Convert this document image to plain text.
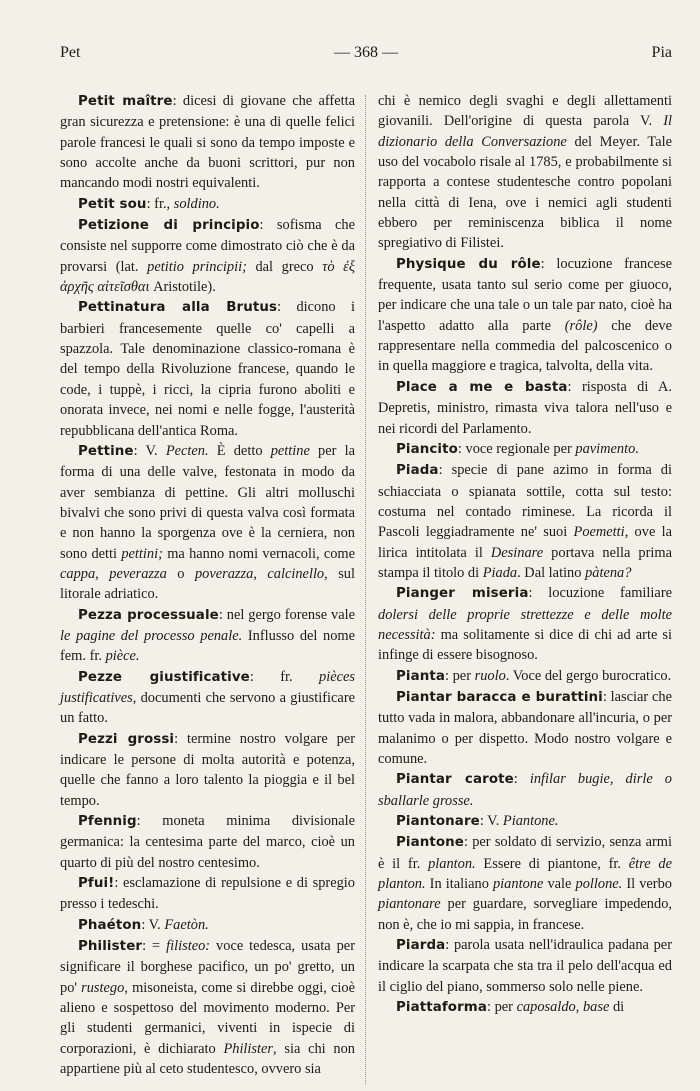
Pet	— 368 —	Pia

Petit maître: dicesi di giovane che affetta gran sicurezza e pretensione: è una di quelle felici parole francesi le quali si sono da tempo imposte e sono accolte anche da buoni scrittori, pur non mancando modi nostri equivalenti.

Petit sou: fr., soldino.

Petizione di principio: sofisma che consiste nel supporre come dimostrato ciò che è da provarsi (lat. petitio principii; dal greco τὸ ἐξ ἀρχῆς αἰτεῖσθαι Aristotile).

Pettinatura alla Brutus: dicono i barbieri francesemente quelle co' capelli a spazzola. Tale denominazione classico-romana è del tempo della Rivoluzione francese, quando le code, i tuppè, i ricci, la cipria furono aboliti e onorata invece, nei nomi e nelle fogge, l'austerità repubblicana dell'antica Roma.

Pettine: V. Pecten. È detto pettine per la forma di una delle valve, festonata in modo da aver sembianza di pettine. Gli altri molluschi bivalvi che sono privi di questa valva così formata e non hanno la sporgenza ove è la cerniera, non sono detti pettini; ma hanno nomi vernacoli, come cappa, peverazza o poverazza, calcinello, sul litorale adriatico.

Pezza processuale: nel gergo forense vale le pagine del processo penale. Influsso del nome fem. fr. pièce.

Pezze giustificative: fr. pièces justificatives, documenti che servono a giustificare un fatto.

Pezzi grossi: termine nostro volgare per indicare le persone di molta autorità e potenza, quelle che fanno a loro talento la pioggia e il bel tempo.

Pfennig: moneta minima divisionale germanica: la centesima parte del marco, cioè un quarto di più del nostro centesimo.

Pfui!: esclamazione di repulsione e di spregio presso i tedeschi.

Phaéton: V. Faetòn.

Philister: = filisteo: voce tedesca, usata per significare il borghese pacifico, un po' gretto, un po' rustego, misoneista, come si direbbe oggi, cioè alieno e sospettoso del movimento moderno. Per gli studenti germanici, viventi in ispecie di corporazioni, è dichiarato Philister, sia chi non appartiene più al ceto studentesco, ovvero sia

chi è nemico degli svaghi e degli allettamenti giovanili. Dell'origine di questa parola V. Il dizionario della Conversazione del Meyer. Tale uso del vocabolo risale al 1785, e probabilmente si rapporta a contese studentesche contro popolani nella città di Iena, ove i nemici agli studenti ebbero per reminiscenza biblica il nome spregiativo di Filistei.

Physique du rôle: locuzione francese frequente, usata tanto sul serio come per giuoco, per indicare che una tale o un tale par nato, cioè ha l'aspetto adatto alla parte (rôle) che deve rappresentare nella commedia del palcoscenico o in quella maggiore e tragica, talvolta, della vita.

Place a me e basta: risposta di A. Depretis, ministro, rimasta viva talora nell'uso e nei ricordi del Parlamento.

Piancito: voce regionale per pavimento.

Piada: specie di pane azimo in forma di schiacciata o spianata sottile, cotta sul testo: costuma nel contado riminese. La ricorda il Pascoli leggiadramente ne' suoi Poemetti, ove la lirica intitolata il Desinare portava nella prima stampa il titolo di Piada. Dal latino pàtena?

Pianger miseria: locuzione familiare dolersi delle proprie strettezze e delle molte necessità: ma solitamente si dice di chi ad arte si infinge di essere bisognoso.

Pianta: per ruolo. Voce del gergo burocratico.

Piantar baracca e burattini: lasciar che tutto vada in malora, abbandonare all'incuria, o per malanimo o per dispetto. Modo nostro volgare e comune.

Piantar carote: infilar bugie, dirle o sballarle grosse.

Piantonare: V. Piantone.

Piantone: per soldato di servizio, senza armi è il fr. planton. Essere di piantone, fr. être de planton. In italiano piantone vale pollone. Il verbo piantonare per guardare, sorvegliare impedendo, non è, che io mi sappia, in francese.

Piarda: parola usata nell'idraulica padana per indicare la scarpata che sta tra il pelo dell'acqua ed il ciglio del piano, sommerso solo nelle piene.

Piattaforma: per caposaldo, base di
